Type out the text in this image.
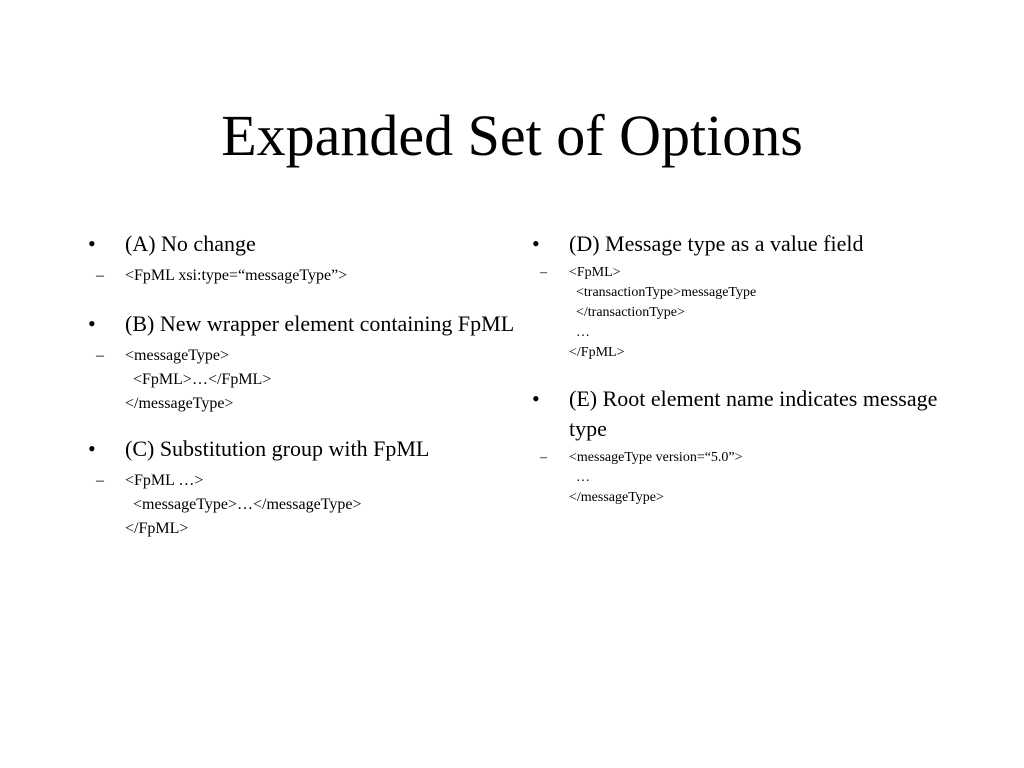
Expanded Set of Options
• (A) No change
– <FpML xsi:type=“messageType”>
• (B) New wrapper element containing FpML
– <messageType>
<FpML>…</FpML>
</messageType>
• (C) Substitution group with FpML
– <FpML …>
<messageType>…</messageType>
</FpML>
• (D) Message type as a value field
– <FpML>
<transactionType>messageType
</transactionType>
…
</FpML>
• (E) Root element name indicates message type
– <messageType version=“5.0”>
…
</messageType>
